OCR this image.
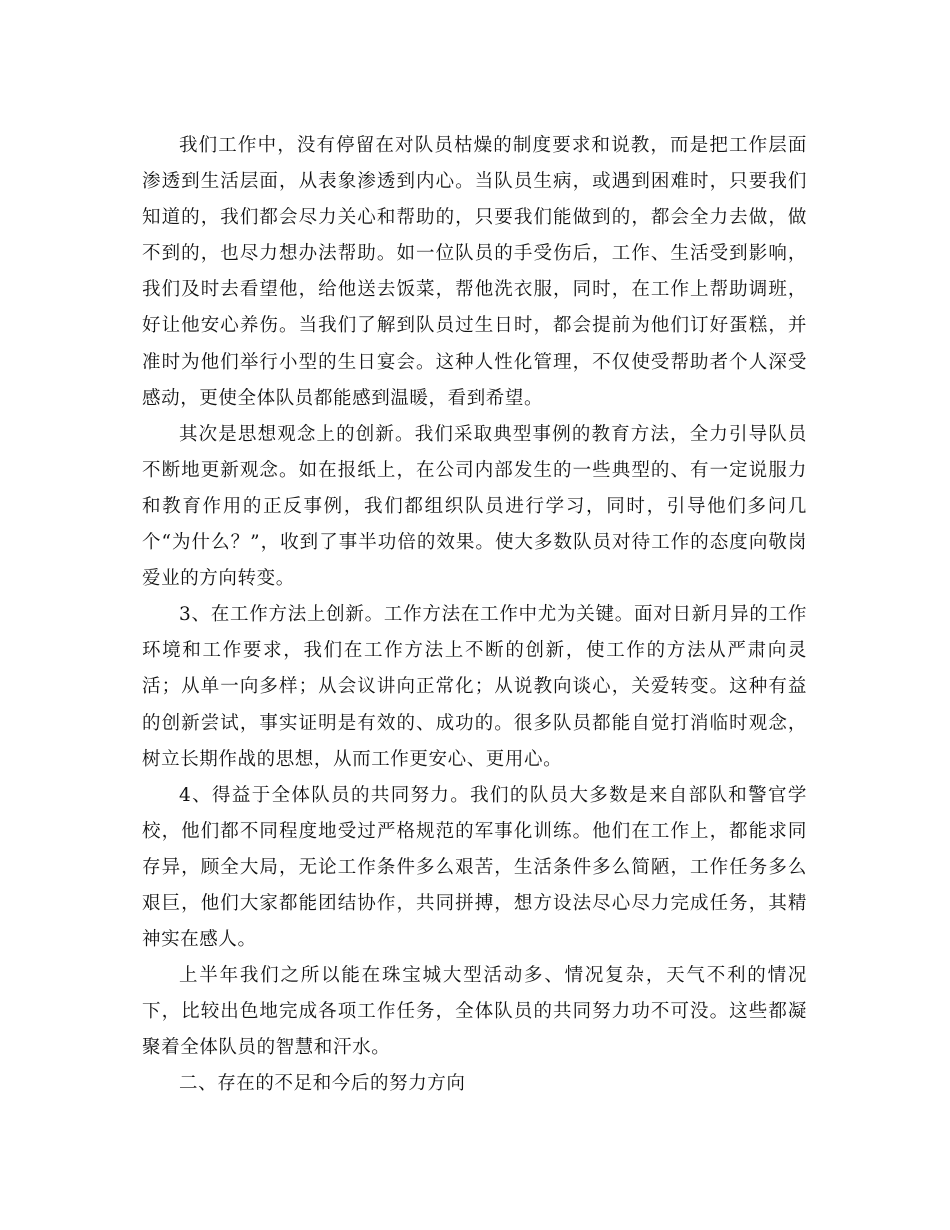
我们工作中，没有停留在对队员枯燥的制度要求和说教，而是把工作层面渗透到生活层面，从表象渗透到内心。当队员生病，或遇到困难时，只要我们知道的，我们都会尽力关心和帮助的，只要我们能做到的，都会全力去做，做不到的，也尽力想办法帮助。如一位队员的手受伤后，工作、生活受到影响，我们及时去看望他，给他送去饭菜，帮他洗衣服，同时，在工作上帮助调班，好让他安心养伤。当我们了解到队员过生日时，都会提前为他们订好蛋糕，并准时为他们举行小型的生日宴会。这种人性化管理，不仅使受帮助者个人深受感动，更使全体队员都能感到温暖，看到希望。

其次是思想观念上的创新。我们采取典型事例的教育方法，全力引导队员不断地更新观念。如在报纸上，在公司内部发生的一些典型的、有一定说服力和教育作用的正反事例，我们都组织队员进行学习，同时，引导他们多问几个“为什么？”，收到了事半功倍的效果。使大多数队员对待工作的态度向敬岗爱业的方向转变。

3、在工作方法上创新。工作方法在工作中尤为关键。面对日新月异的工作环境和工作要求，我们在工作方法上不断的创新，使工作的方法从严肃向灵活；从单一向多样；从会议讲向正常化；从说教向谈心，关爱转变。这种有益的创新尝试，事实证明是有效的、成功的。很多队员都能自觉打消临时观念，树立长期作战的思想，从而工作更安心、更用心。

4、得益于全体队员的共同努力。我们的队员大多数是来自部队和警官学校，他们都不同程度地受过严格规范的军事化训练。他们在工作上，都能求同存异，顾全大局，无论工作条件多么艰苦，生活条件多么简陋，工作任务多么艰巨，他们大家都能团结协作，共同拼搏，想方设法尽心尽力完成任务，其精神实在感人。

上半年我们之所以能在珠宝城大型活动多、情况复杂，天气不利的情况下，比较出色地完成各项工作任务，全体队员的共同努力功不可没。这些都凝聚着全体队员的智慧和汗水。

二、存在的不足和今后的努力方向
